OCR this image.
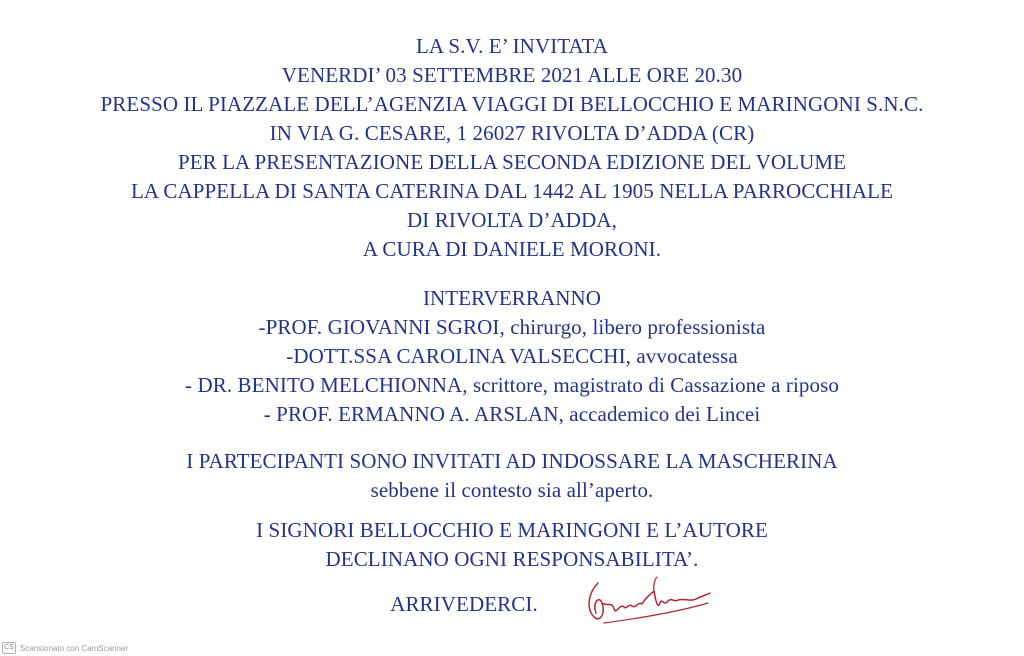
LA S.V. E’ INVITATA
VENERDI’ 03 SETTEMBRE 2021 ALLE ORE 20.30
PRESSO IL PIAZZALE DELL’AGENZIA VIAGGI DI BELLOCCHIO E MARINGONI S.N.C.
IN VIA G. CESARE, 1 26027 RIVOLTA D’ADDA (CR)
PER LA PRESENTAZIONE DELLA SECONDA EDIZIONE DEL VOLUME
LA CAPPELLA DI SANTA CATERINA DAL 1442 AL 1905 NELLA PARROCCHIALE
DI RIVOLTA D’ADDA,
A CURA DI DANIELE MORONI.
INTERVERRANNO
-PROF. GIOVANNI SGROI, chirurgo, libero professionista
-DOTT.SSA CAROLINA VALSECCHI, avvocatessa
- DR. BENITO MELCHIONNA, scrittore, magistrato di Cassazione a riposo
- PROF. ERMANNO A. ARSLAN, accademico dei Lincei
I PARTECIPANTI SONO INVITATI AD INDOSSARE LA MASCHERINA
sebbene il contesto sia all’aperto.
I SIGNORI BELLOCCHIO E MARINGONI E L’AUTORE
DECLINANO OGNI RESPONSABILITA’.
ARRIVEDERCI.
CS Scansionato con CamScanner
